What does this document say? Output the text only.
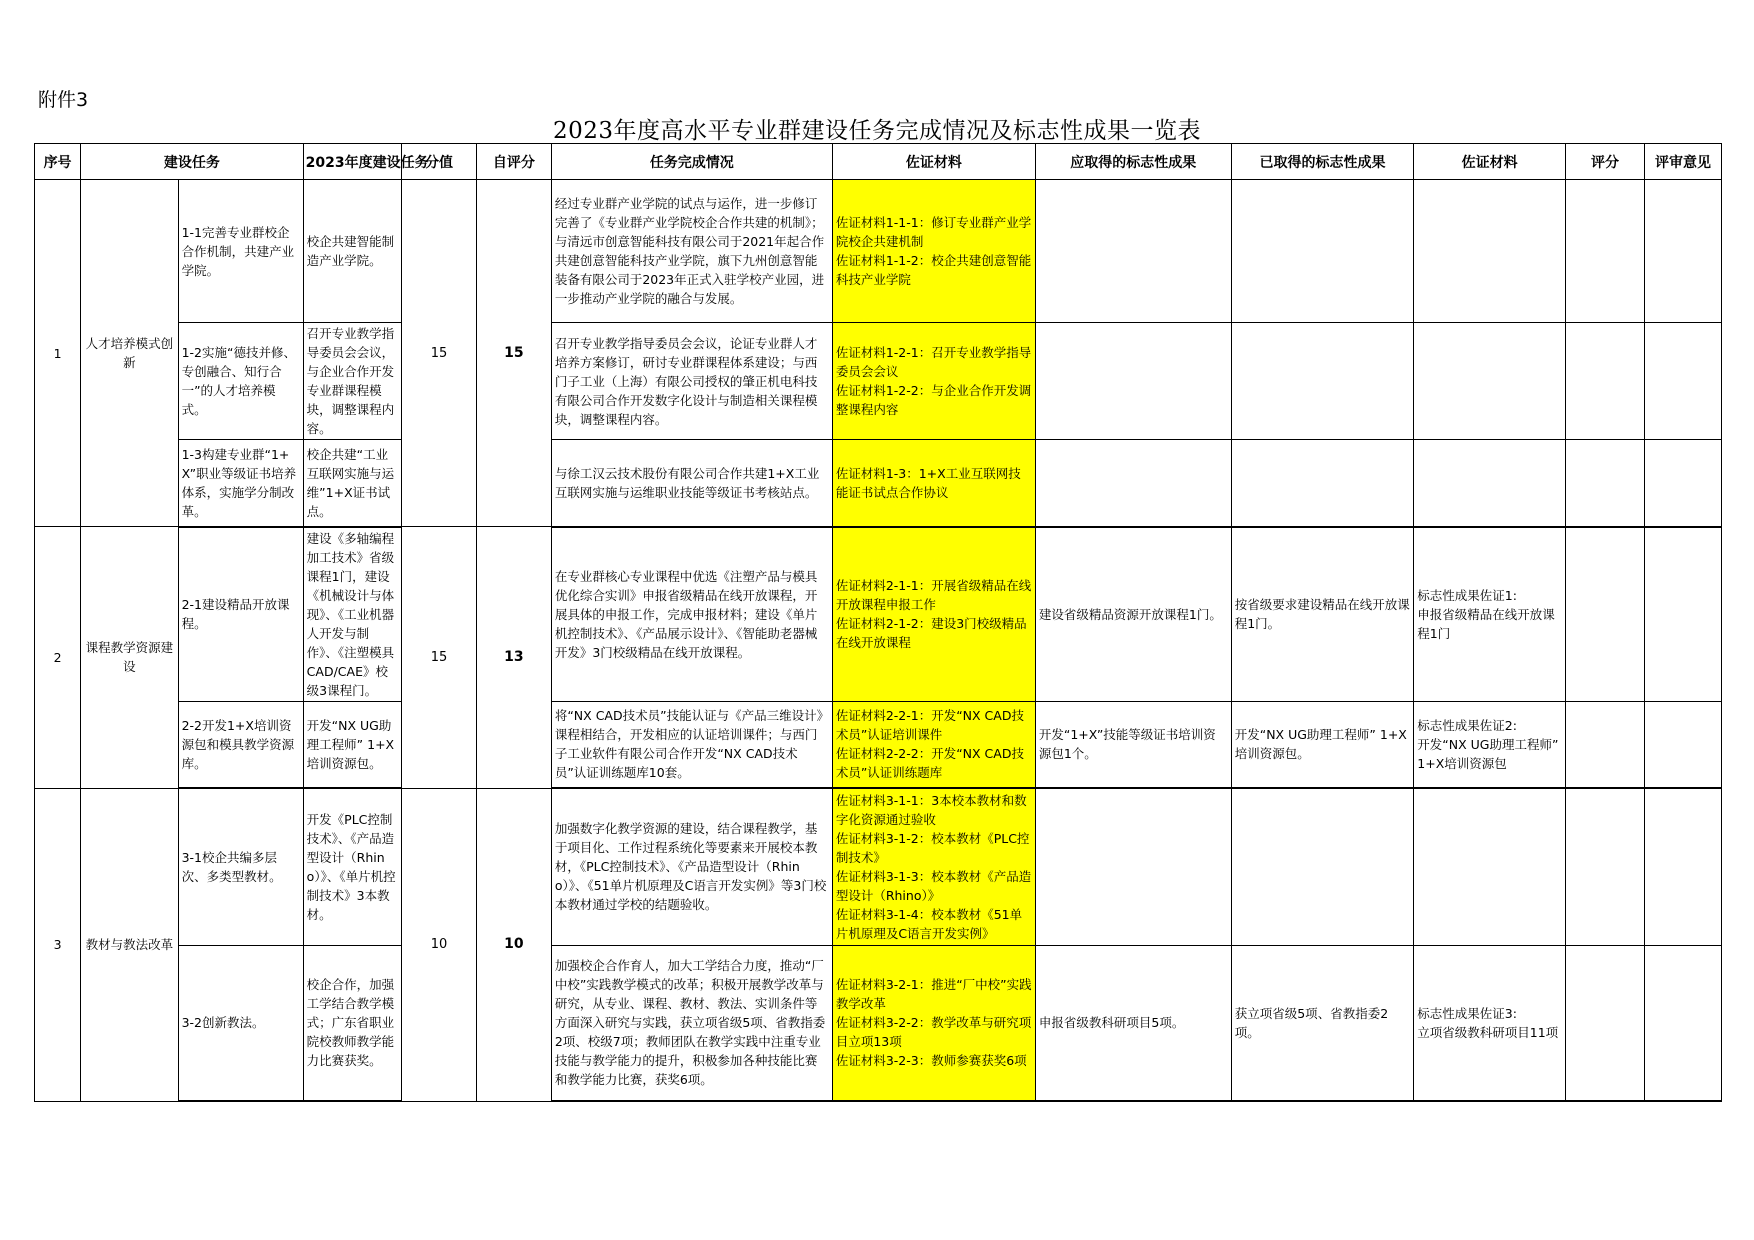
附件3
2023年度高水平专业群建设任务完成情况及标志性成果一览表
序号	建设任务		2023年度建设任务	分值	自评分	任务完成情况	佐证材料	应取得的标志性成果	已取得的标志性成果	佐证材料	评分	评审意见

1	人才培养模式创新	1-1完善专业群校企合作机制，共建产业学院。	校企共建智能制造产业学院。	15	15	经过专业群产业学院的试点与运作，进一步修订完善了《专业群产业学院校企合作共建的机制》；与清远市创意智能科技有限公司于2021年起合作共建创意智能科技产业学院，旗下九州创意智能装备有限公司于2023年正式入驻学校产业园，进一步推动产业学院的融合与发展。	佐证材料1-1-1：修订专业群产业学院校企共建机制
佐证材料1-1-2：校企共建创意智能科技产业学院					

		1-2实施“德技并修、专创融合、知行合一”的人才培养模式。	召开专业教学指导委员会会议，与企业合作开发专业群课程模块，调整课程内容。			召开专业教学指导委员会会议，论证专业群人才培养方案修订，研讨专业群课程体系建设；与西门子工业（上海）有限公司授权的肇正机电科技有限公司合作开发数字化设计与制造相关课程模块，调整课程内容。	佐证材料1-2-1：召开专业教学指导委员会会议
佐证材料1-2-2：与企业合作开发调整课程内容					

		1-3构建专业群“1+X”职业等级证书培养体系，实施学分制改革。	校企共建“工业互联网实施与运维”1+X证书试点。			与徐工汉云技术股份有限公司合作共建1+X工业互联网实施与运维职业技能等级证书考核站点。	佐证材料1-3：1+X工业互联网技能证书试点合作协议					

2	课程教学资源建设	2-1建设精品开放课程。	建设《多轴编程加工技术》省级课程1门，建设《机械设计与体现》、《工业机器人开发与制作》、《注塑模具CAD/CAE》校级3课程门。	15	13	在专业群核心专业课程中优选《注塑产品与模具优化综合实训》申报省级精品在线开放课程，开展具体的申报工作，完成申报材料；建设《单片机控制技术》、《产品展示设计》、《智能助老器械开发》3门校级精品在线开放课程。	佐证材料2-1-1：开展省级精品在线开放课程申报工作
佐证材料2-1-2：建设3门校级精品在线开放课程	建设省级精品资源开放课程1门。	按省级要求建设精品在线开放课程1门。	标志性成果佐证1:
申报省级精品在线开放课程1门		

		2-2开发1+X培训资源包和模具教学资源库。	开发“NX UG助理工程师” 1+X培训资源包。			将“NX CAD技术员”技能认证与《产品三维设计》课程相结合，开发相应的认证培训课件；与西门子工业软件有限公司合作开发“NX CAD技术员”认证训练题库10套。	佐证材料2-2-1：开发“NX CAD技术员”认证培训课件
佐证材料2-2-2：开发“NX CAD技术员”认证训练题库	开发“1+X”技能等级证书培训资源包1个。	开发“NX UG助理工程师” 1+X培训资源包。	标志性成果佐证2:
开发“NX UG助理工程师” 1+X培训资源包		

3	教材与教法改革	3-1校企共编多层次、多类型教材。	开发《PLC控制技术》、《产品造型设计（Rhino）》、《单片机控制技术》3本教材。	10	10	加强数字化教学资源的建设，结合课程教学，基于项目化、工作过程系统化等要素来开展校本教材，《PLC控制技术》、《产品造型设计（Rhino）》、《51单片机原理及C语言开发实例》等3门校本教材通过学校的结题验收。	佐证材料3-1-1：3本校本教材和数字化资源通过验收
佐证材料3-1-2：校本教材《PLC控制技术》
佐证材料3-1-3：校本教材《产品造型设计（Rhino）》
佐证材料3-1-4：校本教材《51单片机原理及C语言开发实例》					

		3-2创新教法。	校企合作，加强工学结合教学模式；广东省职业院校教师教学能力比赛获奖。			加强校企合作育人，加大工学结合力度，推动“厂中校”实践教学模式的改革；积极开展教学改革与研究，从专业、课程、教材、教法、实训条件等方面深入研究与实践，获立项省级5项、省教指委2项、校级7项；教师团队在教学实践中注重专业技能与教学能力的提升，积极参加各种技能比赛和教学能力比赛，获奖6项。	佐证材料3-2-1：推进“厂中校”实践教学改革
佐证材料3-2-2：教学改革与研究项目立项13项
佐证材料3-2-3：教师参赛获奖6项	申报省级教科研项目5项。	获立项省级5项、省教指委2项。	标志性成果佐证3:
立项省级教科研项目11项		
